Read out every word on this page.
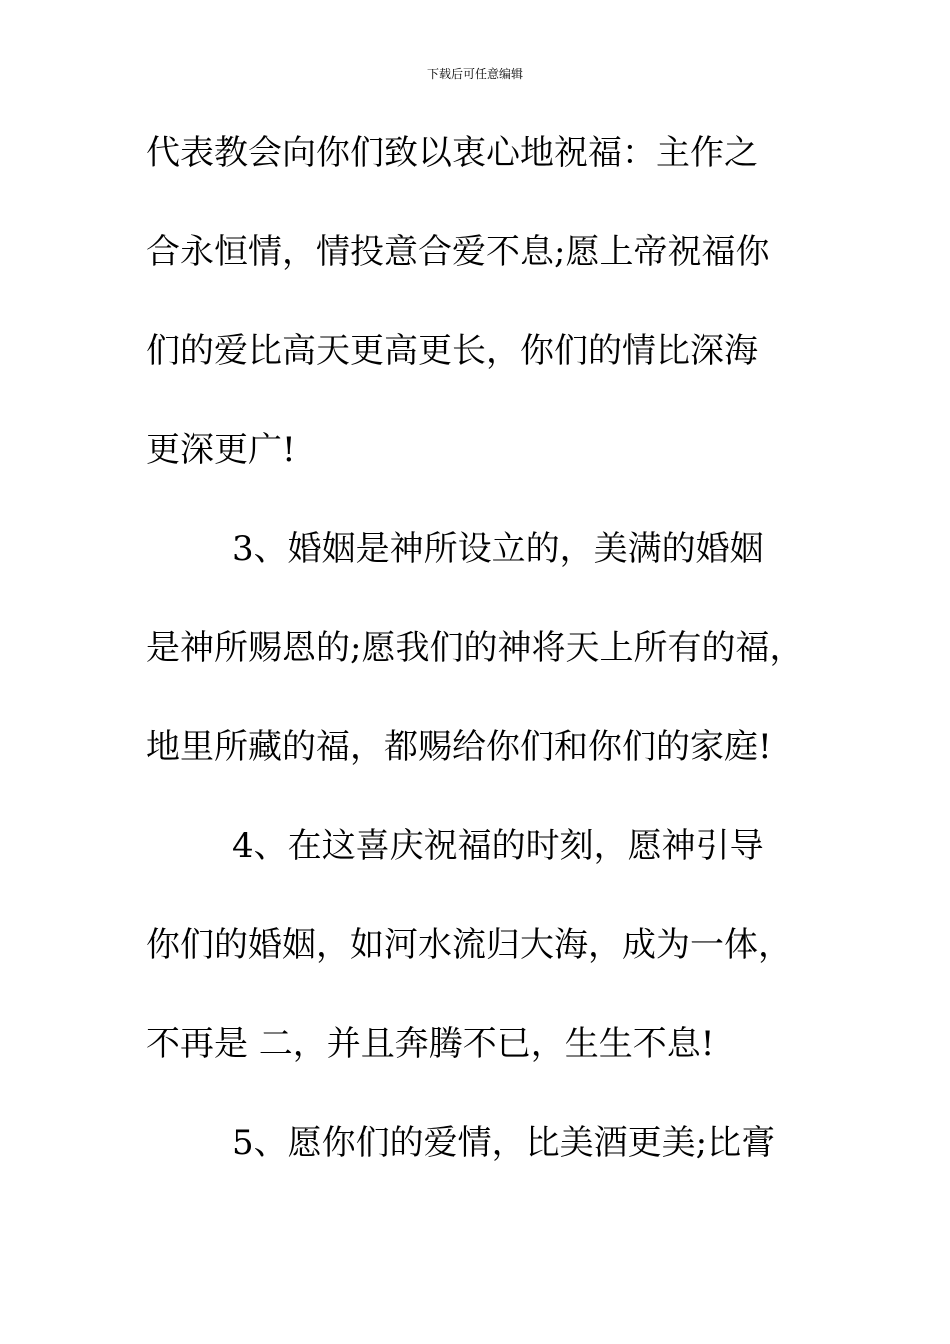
下载后可任意编辑
代表教会向你们致以衷心地祝福：主作之
合永恒情，情投意合爱不息;愿上帝祝福你
们的爱比高天更高更长，你们的情比深海
更深更广!
3、婚姻是神所设立的，美满的婚姻
是神所赐恩的;愿我们的神将天上所有的福，
地里所藏的福，都赐给你们和你们的家庭!
4、在这喜庆祝福的时刻，愿神引导
你们的婚姻，如河水流归大海，成为一体，
不再是 二，并且奔腾不已，生生不息!
5、愿你们的爱情，比美酒更美;比膏
